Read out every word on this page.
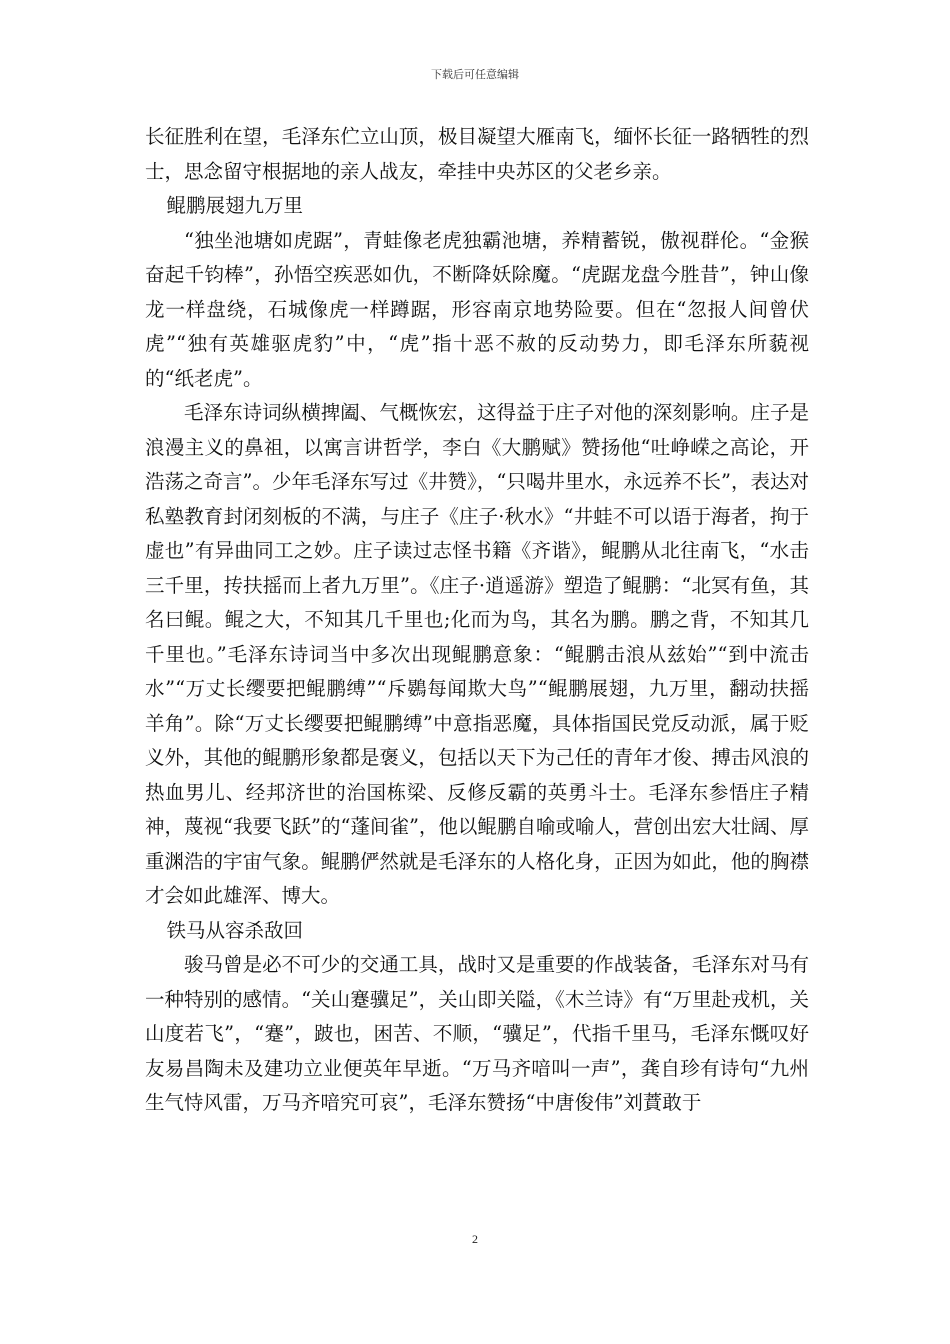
下载后可任意编辑

长征胜利在望，毛泽东伫立山顶，极目凝望大雁南飞，缅怀长征一路牺牲的烈士，思念留守根据地的亲人战友，牵挂中央苏区的父老乡亲。

鲲鹏展翅九万里

“独坐池塘如虎踞”，青蛙像老虎独霸池塘，养精蓄锐，傲视群伦。“金猴奋起千钧棒”，孙悟空疾恶如仇，不断降妖除魔。“虎踞龙盘今胜昔”，钟山像龙一样盘绕，石城像虎一样蹲踞，形容南京地势险要。但在“忽报人间曾伏虎”“独有英雄驱虎豹”中，“虎”指十恶不赦的反动势力，即毛泽东所藐视的“纸老虎”。

毛泽东诗词纵横捭阖、气概恢宏，这得益于庄子对他的深刻影响。庄子是浪漫主义的鼻祖，以寓言讲哲学，李白《大鹏赋》赞扬他“吐峥嵘之高论，开浩荡之奇言”。少年毛泽东写过《井赞》，“只喝井里水，永远养不长”，表达对私塾教育封闭刻板的不满，与庄子《庄子·秋水》“井蛙不可以语于海者，拘于虚也”有异曲同工之妙。庄子读过志怪书籍《齐谐》，鲲鹏从北往南飞，“水击三千里，抟扶摇而上者九万里”。《庄子·逍遥游》塑造了鲲鹏：“北冥有鱼，其名曰鲲。鲲之大，不知其几千里也;化而为鸟，其名为鹏。鹏之背，不知其几千里也。”毛泽东诗词当中多次出现鲲鹏意象：“鲲鹏击浪从兹始”“到中流击水”“万丈长缨要把鲲鹏缚”“斥鷃每闻欺大鸟”“鲲鹏展翅，九万里，翻动扶摇羊角”。除“万丈长缨要把鲲鹏缚”中意指恶魔，具体指国民党反动派，属于贬义外，其他的鲲鹏形象都是褒义，包括以天下为己任的青年才俊、搏击风浪的热血男儿、经邦济世的治国栋梁、反修反霸的英勇斗士。毛泽东参悟庄子精神，蔑视“我要飞跃”的“蓬间雀”，他以鲲鹏自喻或喻人，营创出宏大壮阔、厚重渊浩的宇宙气象。鲲鹏俨然就是毛泽东的人格化身，正因为如此，他的胸襟才会如此雄浑、博大。

铁马从容杀敌回

骏马曾是必不可少的交通工具，战时又是重要的作战装备，毛泽东对马有一种特别的感情。“关山蹇骥足”，关山即关隘，《木兰诗》有“万里赴戎机，关山度若飞”，“蹇”，跛也，困苦、不顺，“骥足”，代指千里马，毛泽东慨叹好友易昌陶未及建功立业便英年早逝。“万马齐喑叫一声”，龚自珍有诗句“九州生气恃风雷，万马齐喑究可哀”，毛泽东赞扬“中唐俊伟”刘蕡敢于

2
